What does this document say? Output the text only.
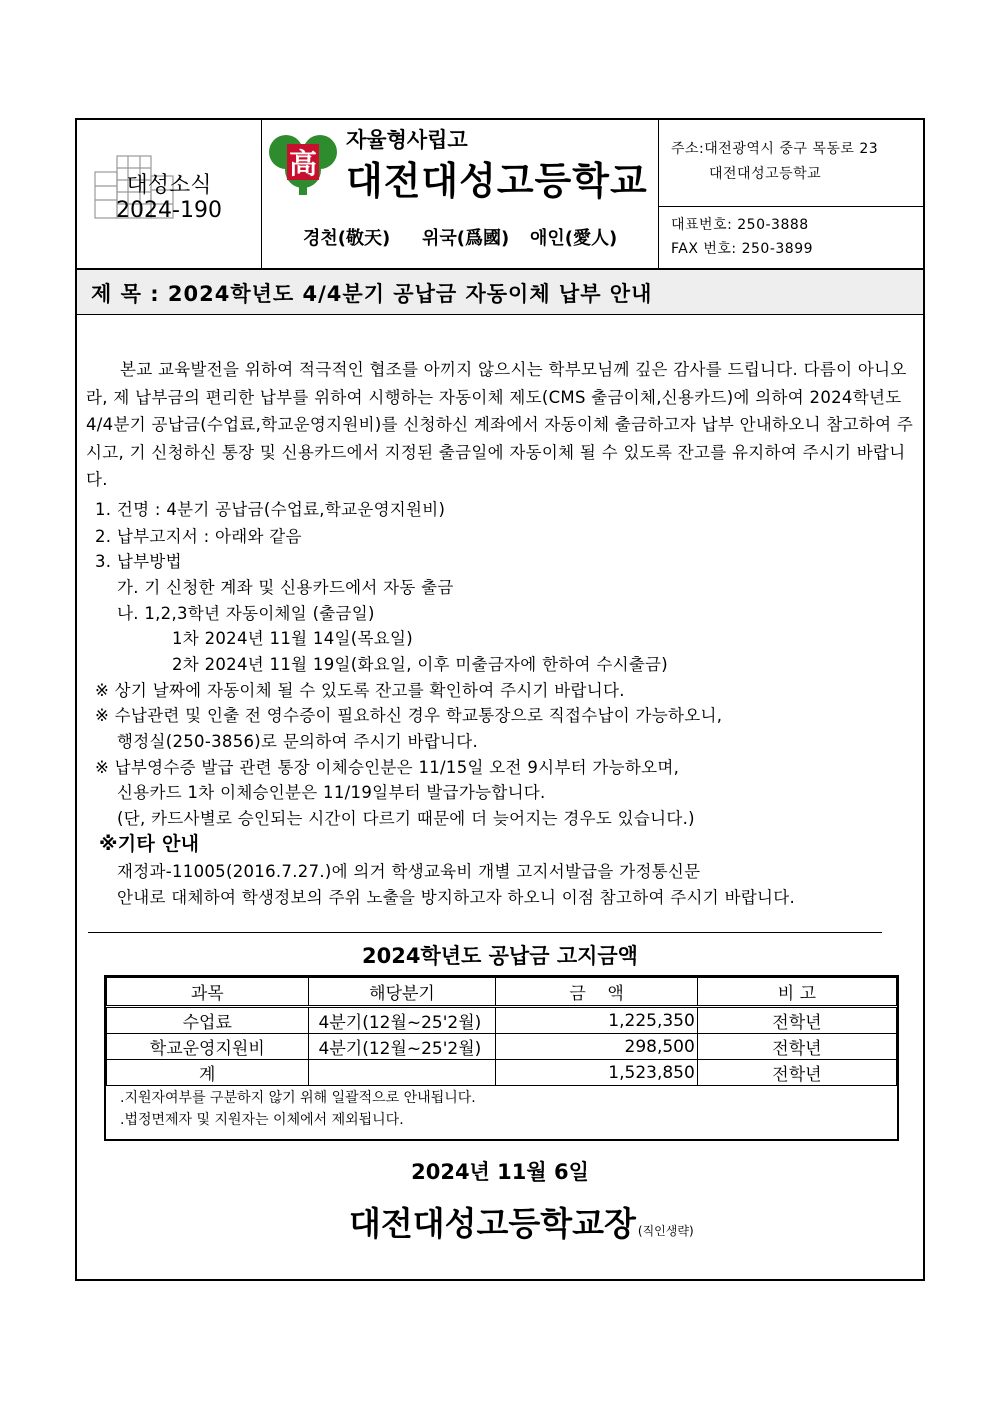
대성소식
2024-190
高
자율형사립고
대전대성고등학교
경천(敬天) 위국(爲國) 애인(愛人)
주소:대전광역시 중구 목동로 23
대전대성고등학교
대표번호: 250-3888
FAX 번호: 250-3899
제 목 : 2024학년도 4/4분기 공납금 자동이체 납부 안내

본교 교육발전을 위하여 적극적인 협조를 아끼지 않으시는 학부모님께 깊은 감사를 드립니다. 다름이 아니오라, 제 납부금의 편리한 납부를 위하여 시행하는 자동이체 제도(CMS 출금이체,신용카드)에 의하여 2024학년도 4/4분기 공납금(수업료,학교운영지원비)를 신청하신 계좌에서 자동이체 출금하고자 납부 안내하오니 참고하여 주시고, 기 신청하신 통장 및 신용카드에서 지정된 출금일에 자동이체 될 수 있도록 잔고를 유지하여 주시기 바랍니다.

1. 건명 : 4분기 공납금(수업료,학교운영지원비)
2. 납부고지서 : 아래와 같음
3. 납부방법
가. 기 신청한 계좌 및 신용카드에서 자동 출금
나. 1,2,3학년 자동이체일 (출금일)
1차 2024년 11월 14일(목요일)
2차 2024년 11월 19일(화요일, 이후 미출금자에 한하여 수시출금)
※ 상기 날짜에 자동이체 될 수 있도록 잔고를 확인하여 주시기 바랍니다.
※ 수납관련 및 인출 전 영수증이 필요하신 경우 학교통장으로 직접수납이 가능하오니,
행정실(250-3856)로 문의하여 주시기 바랍니다.
※ 납부영수증 발급 관련 통장 이체승인분은 11/15일 오전 9시부터 가능하오며,
신용카드 1차 이체승인분은 11/19일부터 발급가능합니다.
(단, 카드사별로 승인되는 시간이 다르기 때문에 더 늦어지는 경우도 있습니다.)
※기타 안내
재정과-11005(2016.7.27.)에 의거 학생교육비 개별 고지서발급을 가정통신문
안내로 대체하여 학생정보의 주위 노출을 방지하고자 하오니 이점 참고하여 주시기 바랍니다.
2024학년도 공납금 고지금액
과목	해당분기	금    액	비 고
수업료	4분기(12월~25'2월)	1,225,350	전학년
학교운영지원비	4분기(12월~25'2월)	298,500	전학년
계		1,523,850	전학년
.지원자여부를 구분하지 않기 위해 일괄적으로 안내됩니다.
.법정면제자 및 지원자는 이체에서 제외됩니다.
2024년 11월 6일
대전대성고등학교장 (직인생략)
